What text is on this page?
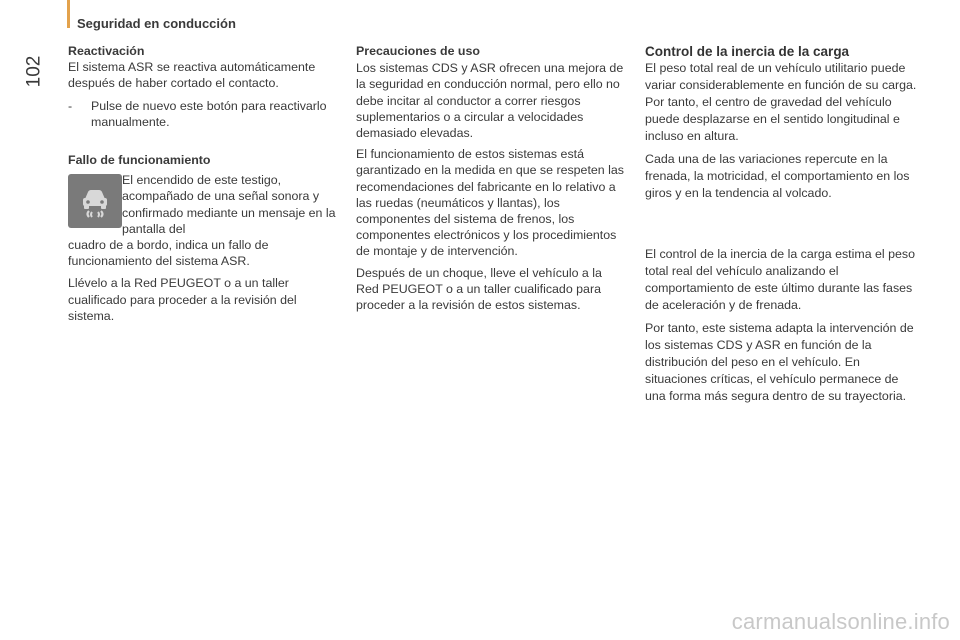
Seguridad en conducción
102

Reactivación

El sistema ASR se reactiva automáticamente después de haber cortado el contacto.

-	Pulse de nuevo este botón para reactivarlo manualmente.

Fallo de funcionamiento

El encendido de este testigo, acompañado de una señal sonora y confirmado mediante un mensaje en la pantalla del

cuadro de a bordo, indica un fallo de funcionamiento del sistema ASR.

Llévelo a la Red PEUGEOT o a un taller cualificado para proceder a la revisión del sistema.

Precauciones de uso

Los sistemas CDS y ASR ofrecen una mejora de la seguridad en conducción normal, pero ello no debe incitar al conductor a correr riesgos suplementarios o a circular a velocidades demasiado elevadas.

El funcionamiento de estos sistemas está garantizado en la medida en que se respeten las recomendaciones del fabricante en lo relativo a las ruedas (neumáticos y llantas), los componentes del sistema de frenos, los componentes electrónicos y los procedimientos de montaje y de intervención.

Después de un choque, lleve el vehículo a la Red PEUGEOT o a un taller cualificado para proceder a la revisión de estos sistemas.

Control de la inercia de la carga

El peso total real de un vehículo utilitario puede variar considerablemente en función de su carga. Por tanto, el centro de gravedad del vehículo puede desplazarse en el sentido longitudinal e incluso en altura.

Cada una de las variaciones repercute en la frenada, la motricidad, el comportamiento en los giros y en la tendencia al volcado.

El control de la inercia de la carga estima el peso total real del vehículo analizando el comportamiento de este último durante las fases de aceleración y de frenada.

Por tanto, este sistema adapta la intervención de los sistemas CDS y ASR en función de la distribución del peso en el vehículo. En situaciones críticas, el vehículo permanece de una forma más segura dentro de su trayectoria.

carmanualsonline.info
